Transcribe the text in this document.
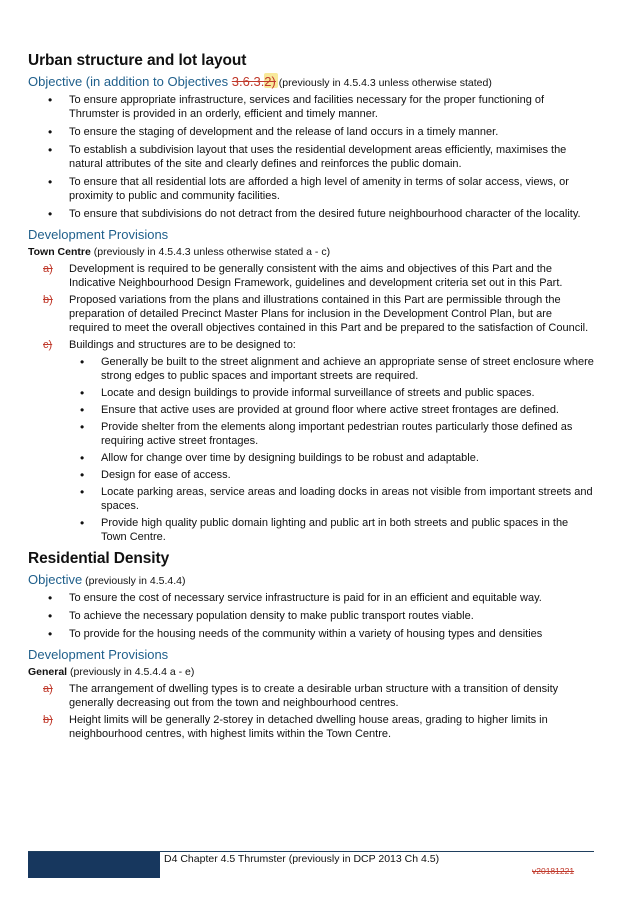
Urban structure and lot layout
Objective (in addition to Objectives 3.6.3.2) (previously in 4.5.4.3 unless otherwise stated)
• To ensure appropriate infrastructure, services and facilities necessary for the proper functioning of Thrumster is provided in an orderly, efficient and timely manner.
• To ensure the staging of development and the release of land occurs in a timely manner.
• To establish a subdivision layout that uses the residential development areas efficiently, maximises the natural attributes of the site and clearly defines and reinforces the public domain.
• To ensure that all residential lots are afforded a high level of amenity in terms of solar access, views, or proximity to public and community facilities.
• To ensure that subdivisions do not detract from the desired future neighbourhood character of the locality.
Development Provisions
Town Centre (previously in 4.5.4.3 unless otherwise stated a - c)
a) Development is required to be generally consistent with the aims and objectives of this Part and the Indicative Neighbourhood Design Framework, guidelines and development criteria set out in this Part.
b) Proposed variations from the plans and illustrations contained in this Part are permissible through the preparation of detailed Precinct Master Plans for inclusion in the Development Control Plan, but are required to meet the overall objectives contained in this Part and be prepared to the satisfaction of Council.
c) Buildings and structures are to be designed to:
• Generally be built to the street alignment and achieve an appropriate sense of street enclosure where strong edges to public spaces and important streets are required.
• Locate and design buildings to provide informal surveillance of streets and public spaces.
• Ensure that active uses are provided at ground floor where active street frontages are defined.
• Provide shelter from the elements along important pedestrian routes particularly those defined as requiring active street frontages.
• Allow for change over time by designing buildings to be robust and adaptable.
• Design for ease of access.
• Locate parking areas, service areas and loading docks in areas not visible from important streets and spaces.
• Provide high quality public domain lighting and public art in both streets and public spaces in the Town Centre.
Residential Density
Objective (previously in 4.5.4.4)
• To ensure the cost of necessary service infrastructure is paid for in an efficient and equitable way.
• To achieve the necessary population density to make public transport routes viable.
• To provide for the housing needs of the community within a variety of housing types and densities
Development Provisions
General (previously in 4.5.4.4 a - e)
a) The arrangement of dwelling types is to create a desirable urban structure with a transition of density generally decreasing out from the town and neighbourhood centres.
b) Height limits will be generally 2-storey in detached dwelling house areas, grading to higher limits in neighbourhood centres, with highest limits within the Town Centre.
D4 Chapter 4.5 Thrumster (previously in DCP 2013 Ch 4.5)
v20181221
